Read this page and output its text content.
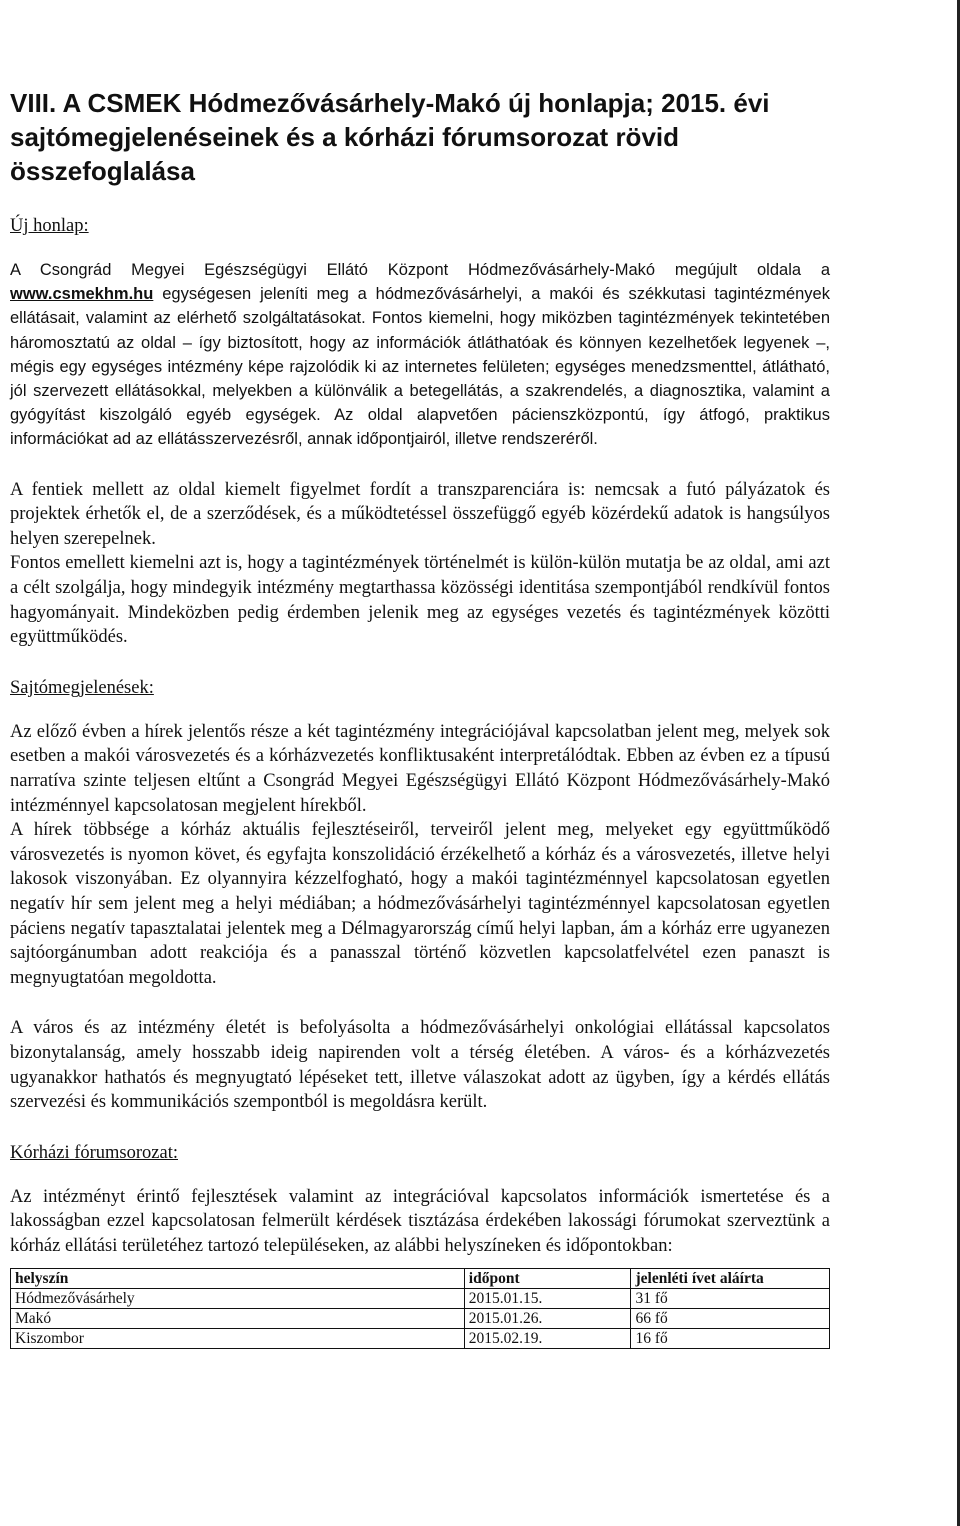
VIII. A CSMEK Hódmezővásárhely-Makó új honlapja; 2015. évi
sajtómegjelenéseinek és a kórházi fórumsorozat rövid összefoglalása
Új honlap:

A Csongrád Megyei Egészségügyi Ellátó Központ Hódmezővásárhely-Makó megújult oldala a www.csmekhm.hu egységesen jeleníti meg a hódmezővásárhelyi, a makói és székkutasi tagintézmények ellátásait, valamint az elérhető szolgáltatásokat. Fontos kiemelni, hogy miközben tagintézmények tekintetében háromosztatú az oldal – így biztosított, hogy az információk átláthatóak és könnyen kezelhetőek legyenek –, mégis egy egységes intézmény képe rajzolódik ki az internetes felületen; egységes menedzsmenttel, átlátható, jól szervezett ellátásokkal, melyekben a különválik a betegellátás, a szakrendelés, a diagnosztika, valamint a gyógyítást kiszolgáló egyéb egységek. Az oldal alapvetően pácienszközpontú, így átfogó, praktikus információkat ad az ellátásszervezésről, annak időpontjairól, illetve rendszeréről.

A fentiek mellett az oldal kiemelt figyelmet fordít a transzparenciára is: nemcsak a futó pályázatok és projektek érhetők el, de a szerződések, és a működtetéssel összefüggő egyéb közérdekű adatok is hangsúlyos helyen szerepelnek.

Fontos emellett kiemelni azt is, hogy a tagintézmények történelmét is külön-külön mutatja be az oldal, ami azt a célt szolgálja, hogy mindegyik intézmény megtarthassa közösségi identitása szempontjából rendkívül fontos hagyományait. Mindeközben pedig érdemben jelenik meg az egységes vezetés és tagintézmények közötti együttműködés.

Sajtómegjelenések:

Az előző évben a hírek jelentős része a két tagintézmény integrációjával kapcsolatban jelent meg, melyek sok esetben a makói városvezetés és a kórházvezetés konfliktusaként interpretálódtak. Ebben az évben ez a típusú narratíva szinte teljesen eltűnt a Csongrád Megyei Egészségügyi Ellátó Központ Hódmezővásárhely-Makó intézménnyel kapcsolatosan megjelent hírekből.

A hírek többsége a kórház aktuális fejlesztéseiről, terveiről jelent meg, melyeket egy együttműködő városvezetés is nyomon követ, és egyfajta konszolidáció érzékelhető a kórház és a városvezetés, illetve helyi lakosok viszonyában. Ez olyannyira kézzelfogható, hogy a makói tagintézménnyel kapcsolatosan egyetlen negatív hír sem jelent meg a helyi médiában; a hódmezővásárhelyi tagintézménnyel kapcsolatosan egyetlen páciens negatív tapasztalatai jelentek meg a Délmagyarország című helyi lapban, ám a kórház erre ugyanezen sajtóorgánumban adott reakciója és a panasszal történő közvetlen kapcsolatfelvétel ezen panaszt is megnyugtatóan megoldotta.

A város és az intézmény életét is befolyásolta a hódmezővásárhelyi onkológiai ellátással kapcsolatos bizonytalanság, amely hosszabb ideig napirenden volt a térség életében. A város- és a kórházvezetés ugyanakkor hathatós és megnyugtató lépéseket tett, illetve válaszokat adott az ügyben, így a kérdés ellátás szervezési és kommunikációs szempontból is megoldásra került.

Kórházi fórumsorozat:

Az intézményt érintő fejlesztések valamint az integrációval kapcsolatos információk ismertetése és a lakosságban ezzel kapcsolatosan felmerült kérdések tisztázása érdekében lakossági fórumokat szerveztünk a kórház ellátási területéhez tartozó településeken, az alábbi helyszíneken és időpontokban:

helyszín	időpont	jelenléti ívet aláírta
Hódmezővásárhely	2015.01.15.	31 fő
Makó	2015.01.26.	66 fő
Kiszombor	2015.02.19.	16 fő
